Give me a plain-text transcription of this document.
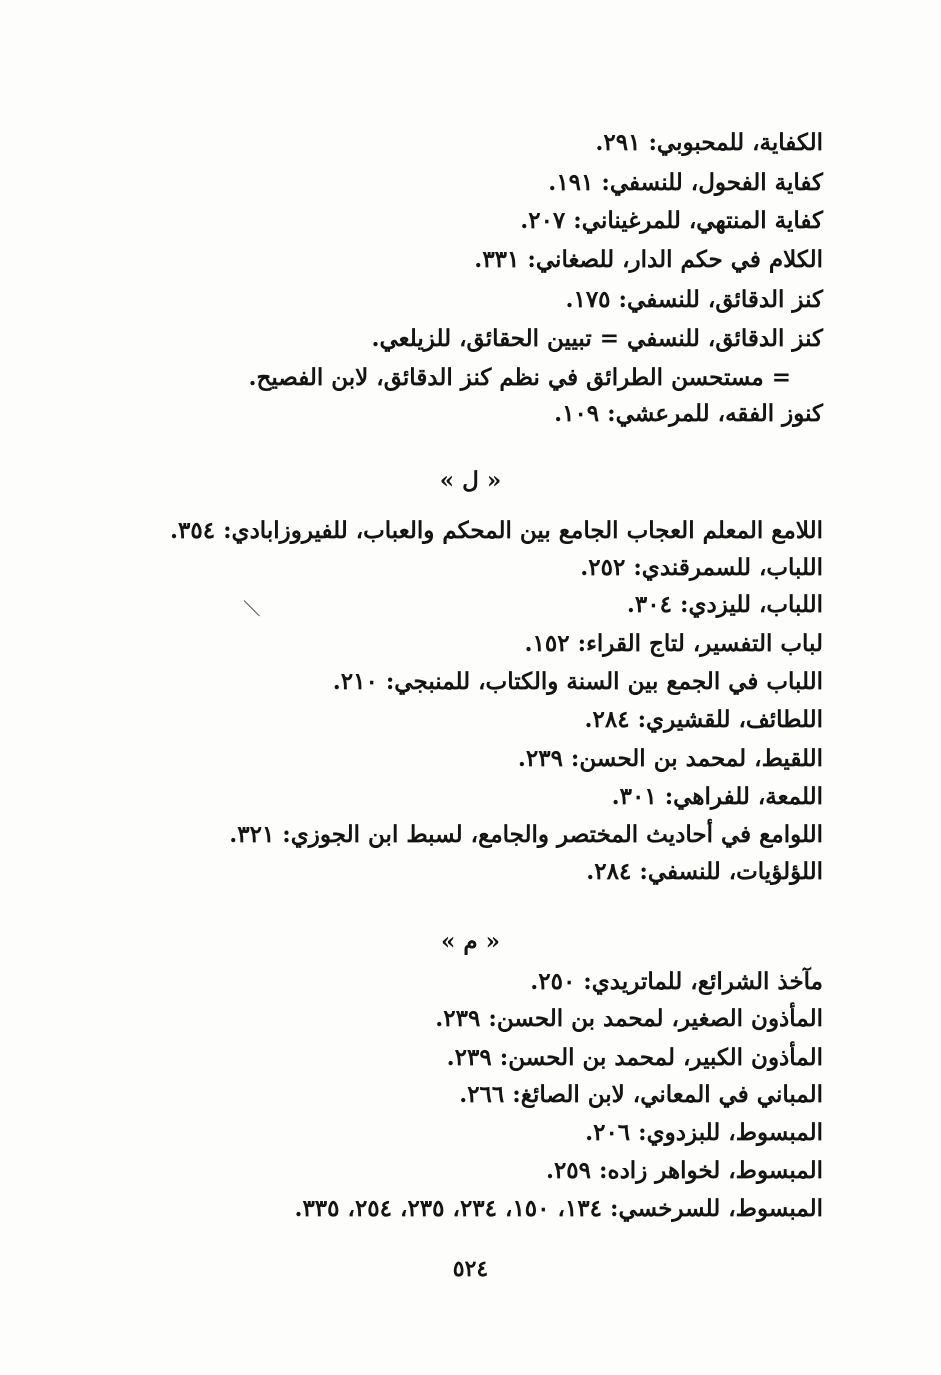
الكفاية، للمحبوبي: ٢٩١.
كفاية الفحول، للنسفي: ١٩١.
كفاية المنتهي، للمرغيناني: ٢٠٧.
الكلام في حكم الدار، للصغاني: ٣٣١.
كنز الدقائق، للنسفي: ١٧٥.
كنز الدقائق، للنسفي = تبيين الحقائق، للزيلعي.
= مستحسن الطرائق في نظم كنز الدقائق، لابن الفصيح.
كنوز الفقه، للمرعشي: ١٠٩.
« ل »
اللامع المعلم العجاب الجامع بين المحكم والعباب، للفيروزابادي: ٣٥٤.
اللباب، للسمرقندي: ٢٥٢.
اللباب، لليزدي: ٣٠٤.
لباب التفسير، لتاج القراء: ١٥٢.
اللباب في الجمع بين السنة والكتاب، للمنبجي: ٢١٠.
اللطائف، للقشيري: ٢٨٤.
اللقيط، لمحمد بن الحسن: ٢٣٩.
اللمعة، للفراهي: ٣٠١.
اللوامع في أحاديث المختصر والجامع، لسبط ابن الجوزي: ٣٢١.
اللؤلؤيات، للنسفي: ٢٨٤.
« م »
مآخذ الشرائع، للماتريدي: ٢٥٠.
المأذون الصغير، لمحمد بن الحسن: ٢٣٩.
المأذون الكبير، لمحمد بن الحسن: ٢٣٩.
المباني في المعاني، لابن الصائغ: ٢٦٦.
المبسوط، للبزدوي: ٢٠٦.
المبسوط، لخواهر زاده: ٢٥٩.
المبسوط، للسرخسي: ١٣٤، ١٥٠، ٢٣٤، ٢٣٥، ٢٥٤، ٣٣٥.
٥٢٤
